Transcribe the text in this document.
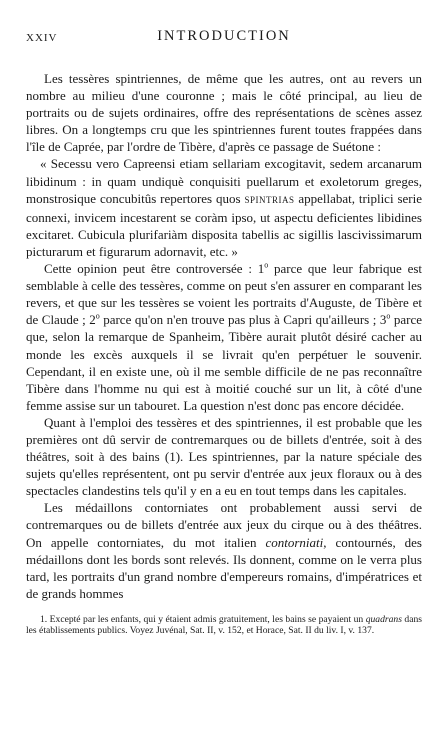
XXIV	INTRODUCTION

Les tessères spintriennes, de même que les autres, ont au revers un nombre au milieu d'une couronne ; mais le côté principal, au lieu de portraits ou de sujets ordinaires, offre des représentations de scènes assez libres. On a longtemps cru que les spintriennes furent toutes frappées dans l'île de Caprée, par l'ordre de Tibère, d'après ce passage de Suétone :

« Secessu vero Capreensi etiam sellariam excogitavit, sedem arcanarum libidinum : in quam undiquè conquisiti puellarum et exoletorum greges, monstrosique concubitûs repertores quos SPINTRIAS appellabat, triplici serie connexi, invicem incestarent se coràm ipso, ut aspectu deficientes libidines excitaret. Cubicula plurifariàm disposita tabellis ac sigillis lascivissimarum picturarum et figurarum adornavit, etc. »

Cette opinion peut être controversée : 1$^o$ parce que leur fabrique est semblable à celle des tessères, comme on peut s'en assurer en comparant les revers, et que sur les tessères se voient les portraits d'Auguste, de Tibère et de Claude ; 2$^o$ parce qu'on n'en trouve pas plus à Capri qu'ailleurs ; 3$^o$ parce que, selon la remarque de Spanheim, Tibère aurait plutôt désiré cacher au monde les excès auxquels il se livrait qu'en perpétuer le souvenir. Cependant, il en existe une, où il me semble difficile de ne pas reconnaître Tibère dans l'homme nu qui est à moitié couché sur un lit, à côté d'une femme assise sur un tabouret. La question n'est donc pas encore décidée.

Quant à l'emploi des tessères et des spintriennes, il est probable que les premières ont dû servir de contremarques ou de billets d'entrée, soit à des théâtres, soit à des bains (1). Les spintriennes, par la nature spéciale des sujets qu'elles représentent, ont pu servir d'entrée aux jeux floraux ou à des spectacles clandestins tels qu'il y en a eu en tout temps dans les capitales.

Les médaillons contorniates ont probablement aussi servi de contremarques ou de billets d'entrée aux jeux du cirque ou à des théâtres. On appelle contorniates, du mot italien contorniati, contournés, des médaillons dont les bords sont relevés. Ils donnent, comme on le verra plus tard, les portraits d'un grand nombre d'empereurs romains, d'impératrices et de grands hommes

1. Excepté par les enfants, qui y étaient admis gratuitement, les bains se payaient un quadrans dans les établissements publics. Voyez Juvénal, Sat. II, v. 152, et Horace, Sat. II du liv. I, v. 137.
